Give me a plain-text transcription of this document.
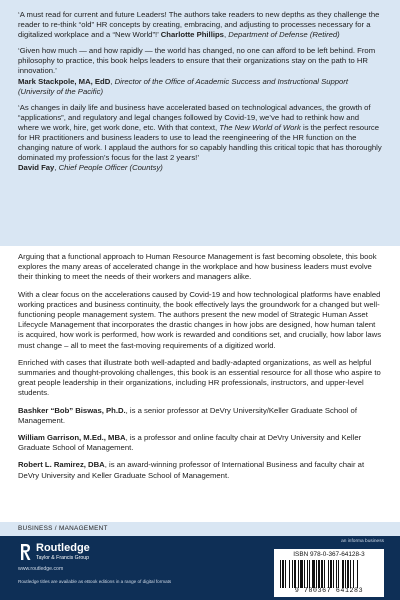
‘A must read for current and future Leaders! The authors take readers to new depths as they challenge the reader to re-think “old” HR concepts by creating, embracing, and adjusting to processes necessary for a digitalized workplace and a “New World”!’ Charlotte Phillips, Department of Defense (Retired)

‘Given how much — and how rapidly — the world has changed, no one can afford to be left behind. From philosophy to practice, this book helps leaders to ensure that their organizations stay on the path to HR innovation.’
Mark Stackpole, MA, EdD, Director of the Office of Academic Success and Instructional Support (University of the Pacific)

‘As changes in daily life and business have accelerated based on technological advances, the growth of “applications”, and regulatory and legal changes followed by Covid-19, we’ve had to rethink how and where we work, hire, get work done, etc. With that context, The New World of Work is the perfect resource for HR practitioners and business leaders to use to lead the reengineering of the HR function on the changing nature of work. I applaud the authors for so capably handling this critical topic that has thoroughly dominated my profession’s focus for the last 2 years!’
David Fay, Chief People Officer (Countsy)

Arguing that a functional approach to Human Resource Management is fast becoming obsolete, this book explores the many areas of accelerated change in the workplace and how business leaders must evolve their thinking to meet the needs of their workers and managers alike.

With a clear focus on the accelerations caused by Covid-19 and how technological platforms have enabled working practices and business continuity, the book effectively lays the groundwork for a changed but well-functioning people management system. The authors present the new model of Strategic Human Asset Lifecycle Management that incorporates the drastic changes in how jobs are designed, how human talent is acquired, how work is performed, how work is rewarded and conditions set, and crucially, how labor laws must change – all to meet the fast-moving requirements of a digitized world.

Enriched with cases that illustrate both well-adapted and badly-adapted organizations, as well as helpful summaries and thought-provoking challenges, this book is an essential resource for all those who aspire to great people leadership in their organizations, including HR professionals, instructors, and upper-level students.

Bashker “Bob” Biswas, Ph.D., is a senior professor at DeVry University/Keller Graduate School of Management.

William Garrison, M.Ed., MBA, is a professor and online faculty chair at DeVry University and Keller Graduate School of Management.

Robert L. Ramirez, DBA, is an award-winning professor of International Business and faculty chair at DeVry University and Keller Graduate School of Management.

BUSINESS / MANAGEMENT
Routledge
Taylor & Francis Group
www.routledge.com
Routledge titles are available as eBook editions in a range of digital formats
an informa business
ISBN 978-0-367-64128-3
9 780367 641283
